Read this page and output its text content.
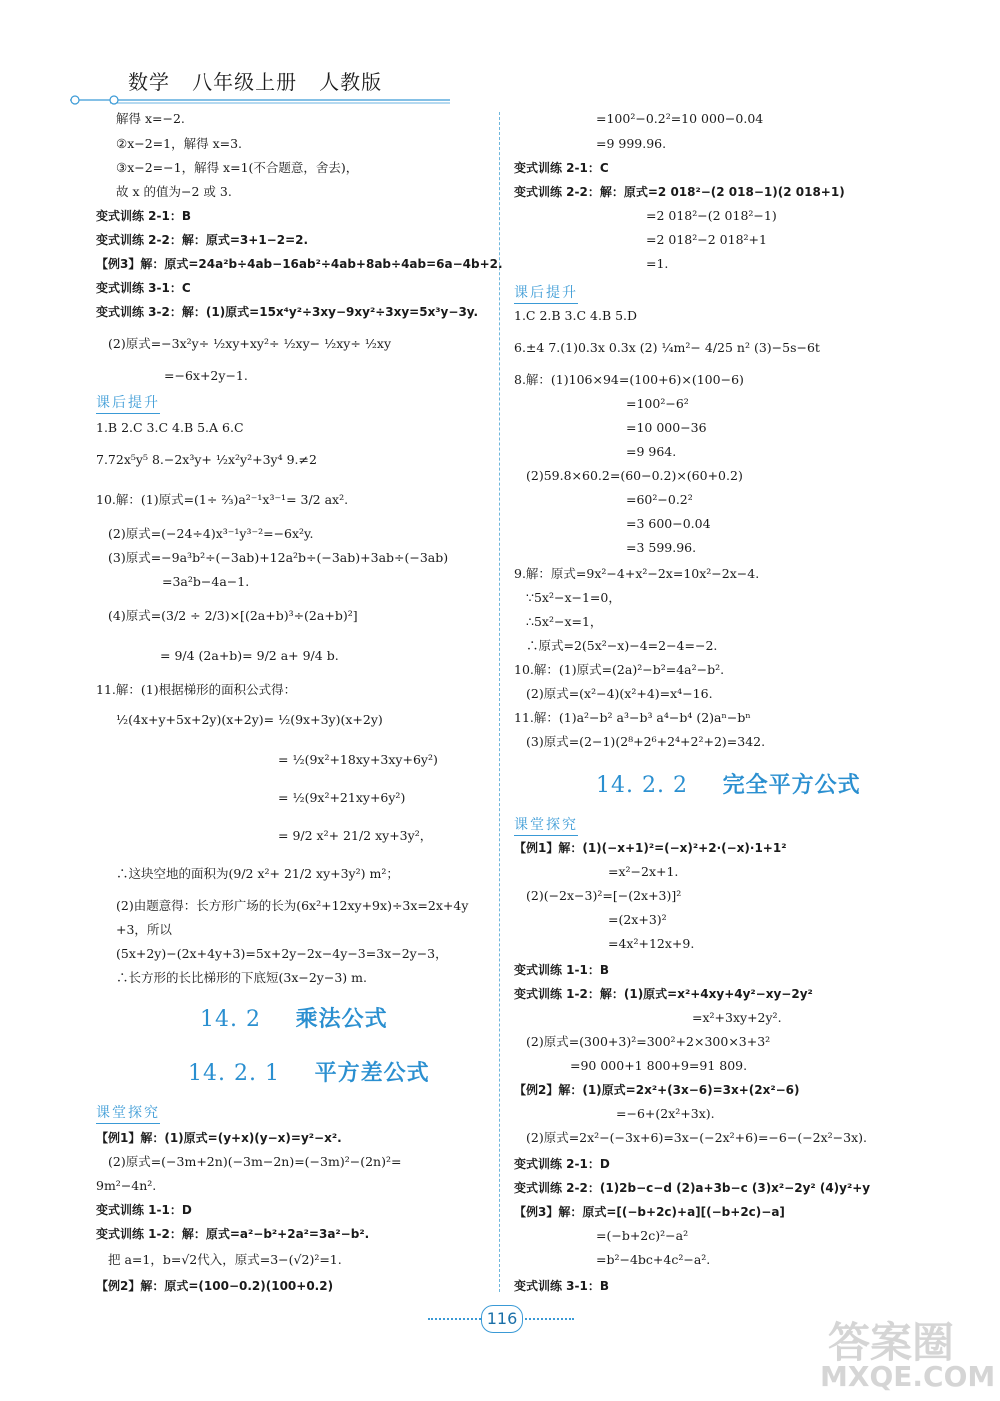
数学   八年级上册   人教版
解得 x=−2.
②x−2=1，解得 x=3.
③x−2=−1，解得 x=1(不合题意，舍去)，
故 x 的值为−2 或 3.
变式训练 2-1：B
变式训练 2-2：解：原式=3+1−2=2.
【例3】解：原式=24a²b÷4ab−16ab²÷4ab+8ab÷4ab=6a−4b+2.
变式训练 3-1：C
变式训练 3-2：解：(1)原式=15x⁴y²÷3xy−9xy²÷3xy=5x³y−3y.
(2)原式=−3x²y÷ ½xy+xy²÷ ½xy− ½xy÷ ½xy
=−6x+2y−1.
1.B 2.C 3.C 4.B 5.A 6.C
7.72x⁵y⁵ 8.−2x³y+ ½x²y²+3y⁴ 9.≠2
10.解：(1)原式=(1÷ ⅔)a²⁻¹x³⁻¹= 3/2 ax².
(2)原式=(−24÷4)x³⁻¹y³⁻²=−6x²y.
(3)原式=−9a³b²÷(−3ab)+12a²b÷(−3ab)+3ab÷(−3ab)
=3a²b−4a−1.
(4)原式=(3/2 ÷ 2/3)×[(2a+b)³÷(2a+b)²]
= 9/4 (2a+b)= 9/2 a+ 9/4 b.
11.解：(1)根据梯形的面积公式得：
½(4x+y+5x+2y)(x+2y)= ½(9x+3y)(x+2y)
= ½(9x²+18xy+3xy+6y²)
= ½(9x²+21xy+6y²)
= 9/2 x²+ 21/2 xy+3y²，
∴这块空地的面积为(9/2 x²+ 21/2 xy+3y²) m²；
(2)由题意得：长方形广场的长为(6x²+12xy+9x)÷3x=2x+4y
+3，所以
(5x+2y)−(2x+4y+3)=5x+2y−2x−4y−3=3x−2y−3，
∴长方形的长比梯形的下底短(3x−2y−3) m.
【例1】解：(1)原式=(y+x)(y−x)=y²−x².
(2)原式=(−3m+2n)(−3m−2n)=(−3m)²−(2n)²=
9m²−4n².
变式训练 1-1：D
变式训练 1-2：解：原式=a²−b²+2a²=3a²−b².
把 a=1，b=√2代入，原式=3−(√2)²=1.
【例2】解：原式=(100−0.2)(100+0.2)
=100²−0.2²=10 000−0.04
=9 999.96.
变式训练 2-1：C
变式训练 2-2：解：原式=2 018²−(2 018−1)(2 018+1)
=2 018²−(2 018²−1)
=2 018²−2 018²+1
=1.
1.C 2.B 3.C 4.B 5.D
6.±4 7.(1)0.3x 0.3x (2) ¼m²− 4/25 n² (3)−5s−6t
8.解：(1)106×94=(100+6)×(100−6)
=100²−6²
=10 000−36
=9 964.
(2)59.8×60.2=(60−0.2)×(60+0.2)
=60²−0.2²
=3 600−0.04
=3 599.96.
9.解：原式=9x²−4+x²−2x=10x²−2x−4.
∵5x²−x−1=0，
∴5x²−x=1，
∴原式=2(5x²−x)−4=2−4=−2.
10.解：(1)原式=(2a)²−b²=4a²−b².
(2)原式=(x²−4)(x²+4)=x⁴−16.
11.解：(1)a²−b² a³−b³ a⁴−b⁴ (2)aⁿ−bⁿ
(3)原式=(2−1)(2⁸+2⁶+2⁴+2²+2)=342.
【例1】解：(1)(−x+1)²=(−x)²+2·(−x)·1+1²
=x²−2x+1.
(2)(−2x−3)²=[−(2x+3)]²
=(2x+3)²
=4x²+12x+9.
变式训练 1-1：B
变式训练 1-2：解：(1)原式=x²+4xy+4y²−xy−2y²
=x²+3xy+2y².
(2)原式=(300+3)²=300²+2×300×3+3²
=90 000+1 800+9=91 809.
【例2】解：(1)原式=2x²+(3x−6)=3x+(2x²−6)
=−6+(2x²+3x).
(2)原式=2x²−(−3x+6)=3x−(−2x²+6)=−6−(−2x²−3x).
变式训练 2-1：D
变式训练 2-2：(1)2b−c−d (2)a+3b−c (3)x²−2y² (4)y²+y
【例3】解：原式=[(−b+2c)+a][(−b+2c)−a]
=(−b+2c)²−a²
=b²−4bc+4c²−a².
变式训练 3-1：B
课后提升
课堂探究
课后提升
课堂探究
14. 2 乘法公式
14. 2. 1 平方差公式
14. 2. 2 完全平方公式
116	答案圈
MXQE.COM
